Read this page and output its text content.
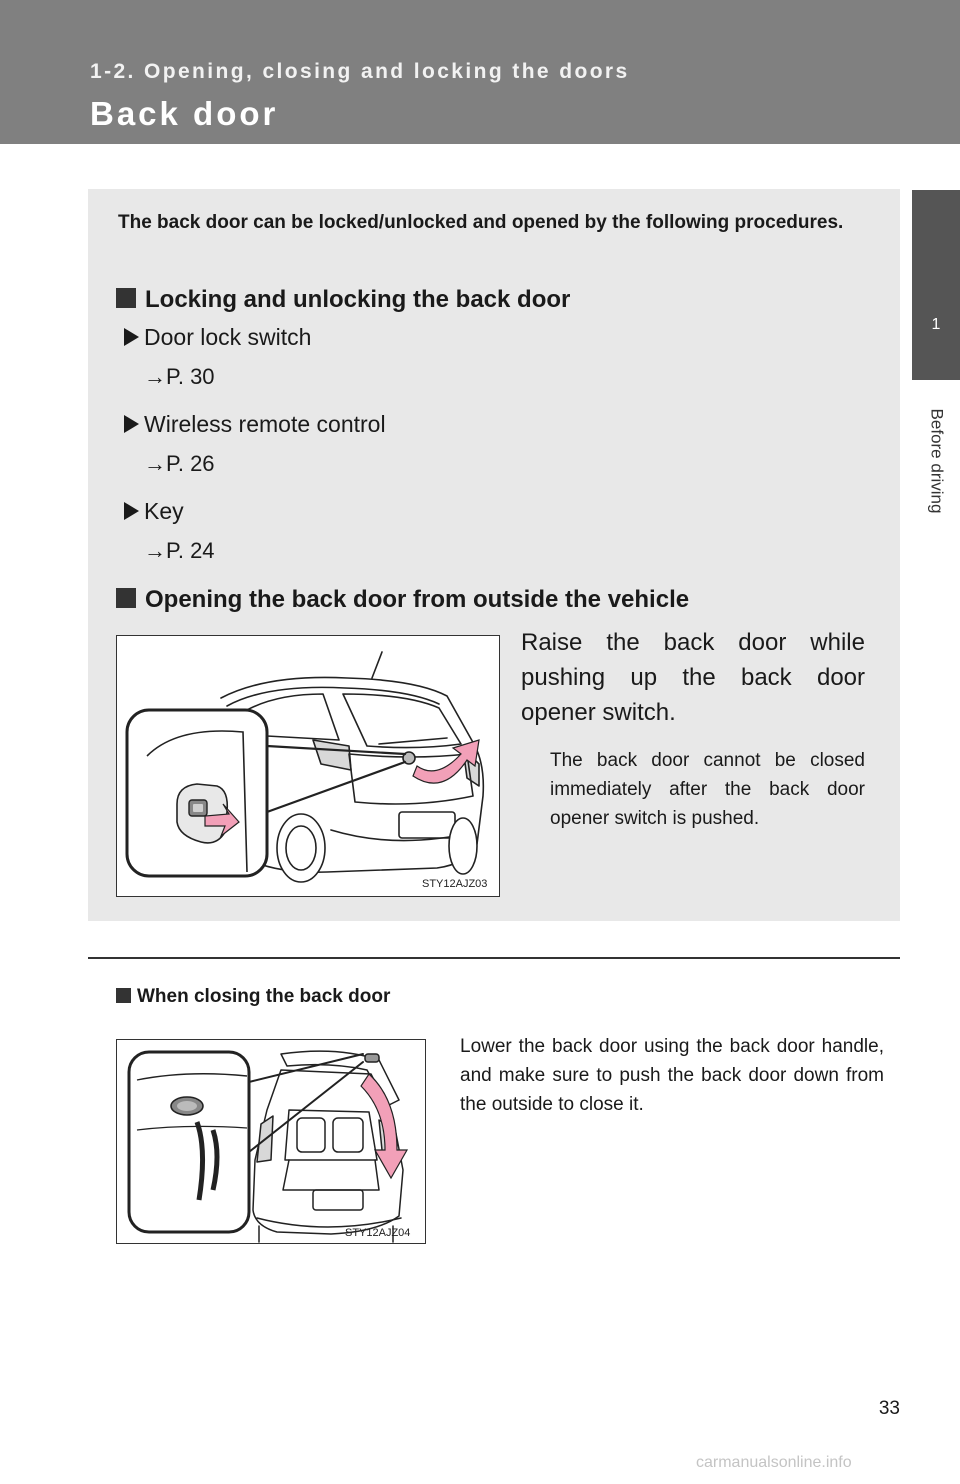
1-2. Opening, closing and locking the doors
Back door
1
Before driving
The back door can be locked/unlocked and opened by the following procedures.
Locking and unlocking the back door
Door lock switch
→P. 30
Wireless remote control
→P. 26
Key
→P. 24
Opening the back door from outside the vehicle
STY12AJZ03
Raise the back door while pushing up the back door opener switch.
The back door cannot be closed immediately after the back door opener switch is pushed.
When closing the back door
STY12AJZ04
Lower the back door using the back door handle, and make sure to push the back door down from the outside to close it.
33
carmanualsonline.info
